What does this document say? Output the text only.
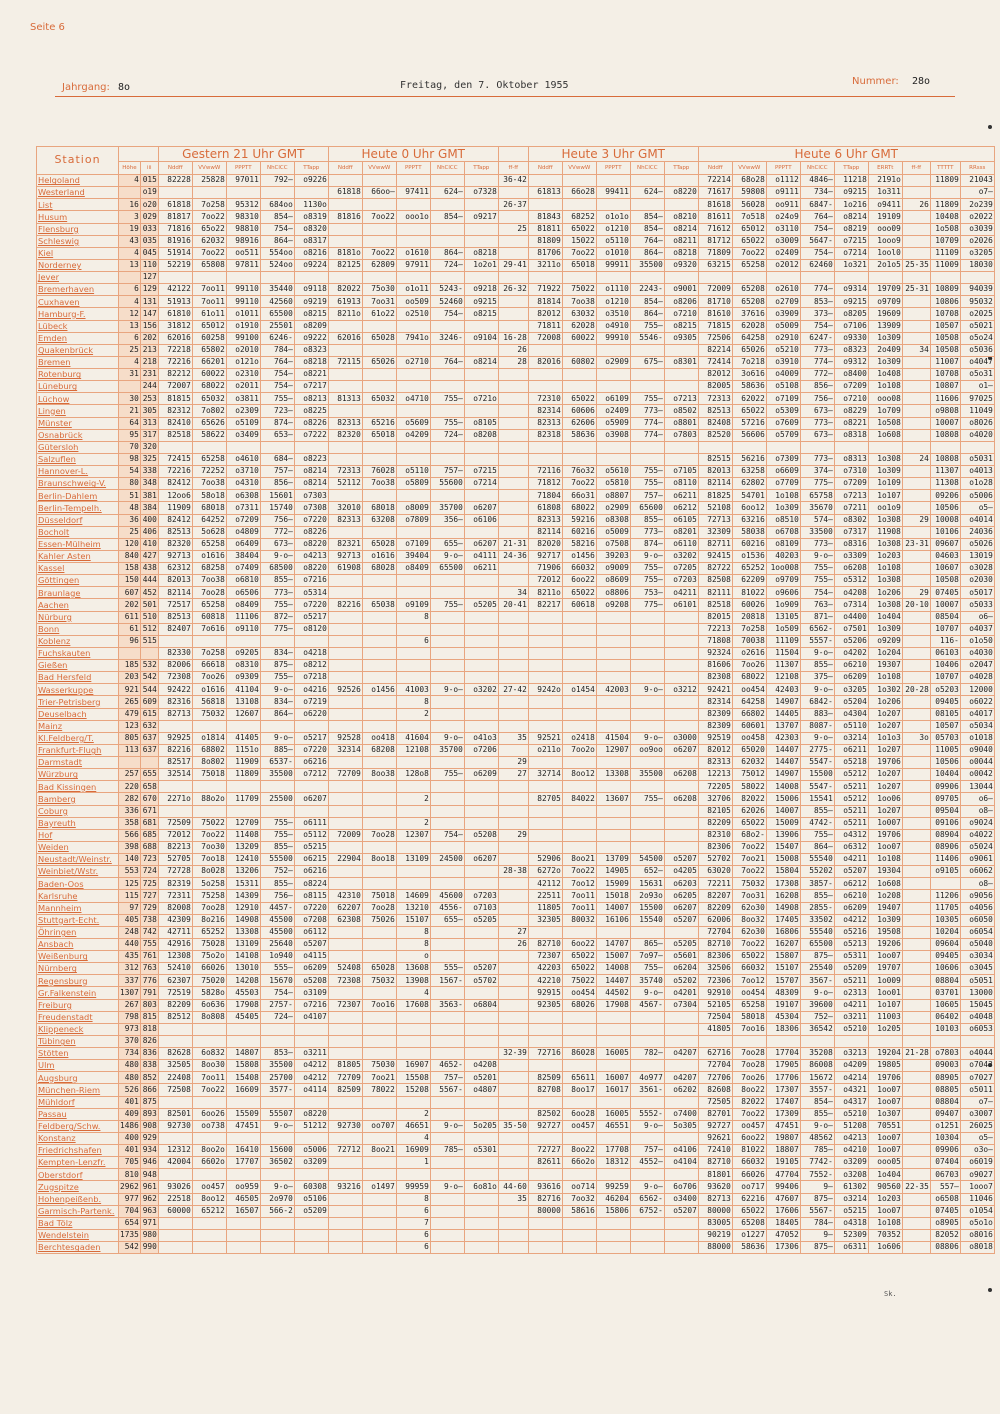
Seite 6
Jahrgang: 8o	Freitag, den 7. Oktober 1955	Nummer: 28o
Station			Gestern 21 Uhr GMT					Heute 0 Uhr GMT						Heute 3 Uhr GMT					Heute 6 Uhr GMT								
	Höhe	iii	Nddff	VVwwW	PPPTT	NhClCC	TTapp	Nddff	VVwwW	PPPTT	NhClCC	TTapp	ff-ff	Nddff	VVwwW	PPPTT	NhClCC	TTapp	Nddff	VVwwW	PPPTT	NhClCC	TTapp	ERRTt	ff-ff	TTTTT	RRsss
Helgoland	4	015	82228	25828	97011	792—	o9226						36-42						72214	68o28	o1112	4846—	11218	2191o		11809	21043
Westerland		o19						61818	66oo—	97411	624—	o7328		61813	66o28	99411	624—	o8220	71617	59808	o9111	734—	o9215	1o311			o7—
List	16	o20	61818	7o258	95312	684oo	1130o						26-37						81618	56028	oo911	6847-	1o216	o9411	26	11809	2o239
Husum	3	029	81817	7oo22	98310	854—	o8319	81816	7oo22	ooo1o	854—	o9217		81843	68252	o1o1o	854—	o8210	81611	7o518	o24o9	764—	o8214	19109		10408	o2022
Flensburg	19	033	71816	65o22	98810	754—	o8320						25	81811	65022	o1210	854—	o8214	71612	65012	o3110	754—	o8219	ooo09		1o508	o3039
Schleswig	43	035	81916	62032	98916	864—	o8317							81809	15022	o5110	764—	o8211	81712	65022	o3009	5647-	o7215	1ooo9		10709	o2026
Kiel	4	045	51914	7oo22	oo511	554oo	o8216	8181o	7oo22	o1610	864—	o8218		81706	7oo22	o1010	864—	o8218	71809	7oo22	o2409	754—	o7214	1ool0		11109	o3205
Norderney	13	110	52219	65808	97811	524oo	o9224	82125	62809	97911	724—	1o2o1	29-41	3211o	65018	99911	35500	o9320	63215	65258	o2012	62460	1o321	2o1o5	25-35	11009	18030
Jever		127																									
Bremerhaven	6	129	42122	7oo11	99110	35440	o9118	82022	75o30	o1o11	5243-	o9218	26-32	71922	75022	o1110	2243-	o9001	72009	65208	o2610	774—	o9314	19709	25-31	10809	94039
Cuxhaven	4	131	51913	7oo11	99110	42560	o9219	61913	7oo31	oo509	52460	o9215		81814	7oo38	o1210	854—	o8206	81710	65208	o2709	853—	o9215	o9709		10806	95032
Hamburg-F.	12	147	61810	61o11	o1011	65500	o8215	8211o	61o22	o2510	754—	o8215		82012	63032	o3510	864—	o7210	81610	37616	o3909	373—	o8205	19609		10708	o2025
Lübeck	13	156	31812	65012	o1910	25501	o8209							71811	62028	o4910	755—	o8215	71815	62028	o5009	754—	o7106	13909		10507	o5021
Emden	6	202	62016	60258	99100	6246-	o9222	62016	65028	7941o	3246-	o9104	16-28	72008	60022	99910	5546-	o9305	72506	64258	o2910	6247-	o9330	1o309		10508	o5o24
Quakenbrück	25	213	72218	65802	o2010	784—	o8323						26						82214	65026	o5210	773—	o8323	2o409	34	10508	o5036
Bremen	4	218	72216	66201	o121o	764—	o8218	72115	65026	o2710	764—	o8214	28	82016	60802	o2909	675—	o8301	72414	7o218	o3910	774—	o9312	1o309		11007	o4047
Rotenburg	31	231	82212	60022	o2310	754—	o8221												82012	3o616	o4009	772—	o8400	1o408		10708	o5o31
Lüneburg		244	72007	68022	o2011	754—	o7217												82005	58636	o5108	856—	o7209	1o108		10807	o1—
Lüchow	30	253	81815	65032	o3811	755—	o8213	81313	65032	o4710	755—	o721o		72310	65022	o6109	755—	o7213	72313	62022	o7109	756—	o7210	ooo08		11606	97025
Lingen	21	305	82312	7o802	o2309	723—	o8225							82314	60606	o2409	773—	o8502	82513	65022	o5309	673—	o8229	1o709		o9808	11049
Münster	64	313	82410	65626	o5109	874—	o8226	82313	65216	o5609	755—	o8105		82313	62606	o5909	774—	o8801	82408	57216	o7609	773—	o8221	1o508		10007	o8026
Osnabrück	95	317	82518	58622	o3409	653—	o7222	82320	65018	o4209	724—	o8208		82318	58636	o3908	774—	o7803	82520	56606	o5709	673—	o8318	1o608		10808	o4020
Gütersloh	70	320																									
Salzuflen	98	325	72415	65258	o4610	684—	o8223												82515	56216	o7309	773—	o8313	1o308	24	10808	o5031
Hannover-L.	54	338	72216	72252	o3710	757—	o8214	72313	76028	o5110	757—	o7215		72116	76o32	o5610	755—	o7105	82013	63258	o6609	374—	o7310	1o309		11307	o4013
Braunschweig-V.	80	348	82412	7oo38	o4310	856—	o8214	52112	7oo38	o5809	55600	o7214		71812	7oo22	o5810	755—	o8110	82114	62802	o7709	775—	o7209	1o109		11308	o1o28
Berlin-Dahlem	51	381	12oo6	58o18	o6308	15601	o7303							71804	66o31	o8807	757—	o6211	81825	54701	1o108	65758	o7213	1o107		09206	o5006
Berlin-Tempelh.	48	384	11909	68018	o7311	15740	o7308	32010	68018	o8009	35700	o6207		61808	68022	o2909	65600	o6212	52108	6oo12	1o309	35670	o7211	oo1o9		10506	o5—
Düsseldorf	36	400	82412	64252	o7209	756—	o7220	82313	63208	o7809	356—	o6106		82313	59216	o8308	855—	o6105	72713	63216	o8510	574—	o8302	1o308	29	10008	o4014
Bocholt	25	406	82513	5o628	o4809	772—	o8226							82114	60216	o5009	773—	o8201	32309	58038	o6708	33500	o7317	11908		10106	24036
Essen-Mülheim	120	410	82320	65258	o6409	673—	o8220	82321	65028	o7109	655—	o6207	21-31	82020	58216	o7508	874—	o6110	82711	60216	o8109	773—	o8316	1o308	23-31	09607	o5026
Kahler Asten	840	427	92713	o1616	38404	9-o—	o4213	92713	o1616	39404	9-o—	o4111	24-36	92717	o1456	39203	9-o—	o3202	92415	o1536	40203	9-o—	o3309	1o203		04603	13019
Kassel	158	438	62312	68258	o7409	68500	o8220	61908	68028	o8409	65500	o6211		71906	66032	o9009	755—	o7205	82722	65252	1oo008	755—	o6208	1o108		10607	o3028
Göttingen	150	444	82013	7oo38	o6810	855—	o7216							72012	6oo22	o8609	755—	o7203	82508	62209	o9709	755—	o5312	1o308		10508	o2030
Braunlage	607	452	82114	7oo28	o6506	773—	o5314						34	8211o	65022	o8806	753—	o4211	82111	81022	o9606	754—	o4208	1o206	29	07405	o5017
Aachen	202	501	72517	65258	o8409	755—	o7220	82216	65038	o9109	755—	o5205	20-41	82217	60618	o9208	775—	o6101	82518	60026	1o909	763—	o7314	1o308	20-10	10007	o5033
Nürburg	611	510	82513	60818	11106	872—	o5217			8									82015	20818	13105	871—	o4400	1o404		08504	o6—
Bonn	61	512	82407	7o616	o9110	775—	o8120												72213	7o258	1o509	6562-	o7501	1o309		10707	o4037
Koblenz	96	515								6									71808	70038	11109	5557-	o5206	o9209		116-	o1o50
Fuchskauten			82330	7o258	o9205	834—	o4218												92324	o2616	11504	9-o—	o4202	1o204		06103	o4030
Gießen	185	532	82006	66618	o8310	875—	o8212												81606	7oo26	11307	855—	o6210	19307		10406	o2047
Bad Hersfeld	203	542	72308	7oo26	o9309	755—	o7218												82308	68022	12108	375—	o6209	1o108		10707	o4028
Wasserkuppe	921	544	92422	o1616	41104	9-o—	o4216	92526	o1456	41003	9-o—	o3202	27-42	9242o	o1454	42003	9-o—	o3212	92421	oo454	42403	9-o—	o3205	1o302	20-28	o5203	12000
Trier-Petrisberg	265	609	82316	56818	13108	834—	o7219			8									82314	64258	14907	6842-	o5204	1o206		09405	o6022
Deuselbach	479	615	82713	75032	12607	864—	o6220			2									82309	66802	14405	883—	o4304	1o207		08105	o4017
Mainz	123	632																	82309	60601	13707	8087-	o5110	1o207		10507	o5034
Kl.Feldberg/T.	805	637	92925	o1814	41405	9-o—	o5217	92528	oo418	41604	9-o—	o41o3	35	92521	o2418	41504	9-o—	o3000	92519	oo458	42303	9-o—	o3214	1o1o3	3o	05703	o1018
Frankfurt-Flugh	113	637	82216	68802	1151o	885—	o7220	32314	68208	12108	35700	o7206		o211o	7oo2o	12907	oo9oo	o6207	82012	65020	14407	2775-	o6211	1o207		11005	o9040
Darmstadt			82517	8o802	11909	6537-	o6216						29						82313	62032	14407	5547-	o5218	19706		10506	o0044
Würzburg	257	655	32514	75018	11809	35500	o7212	72709	8oo38	128o8	755—	o6209	27	32714	8oo12	13308	35500	o6208	12213	75012	14907	15500	o5212	1o207		10404	o0042
Bad Kissingen	220	658																	72205	58022	14008	5547-	o5211	1o207		09906	13044
Bamberg	282	670	2271o	88o2o	11709	25500	o6207			2				82705	84022	13607	755—	o6208	32706	82022	15006	15541	o5212	1oo06		09705	o6—
Coburg	336	671																	82105	62026	14007	855—	o5211	1o207		09504	o8—
Bayreuth	358	681	72509	75022	12709	755—	o6111			2									82209	65022	15009	4742-	o5211	1o007		09106	o9024
Hof	566	685	72012	7oo22	11408	755—	o5112	72009	7oo28	12307	754—	o5208	29						82310	68o2-	13906	755—	o4312	19706		08904	o4022
Weiden	398	688	82213	7oo30	13209	855—	o5215												82306	7oo22	15407	864—	o6312	1oo07		08906	o5024
Neustadt/Weinstr.	140	723	52705	7oo18	12410	55500	o6215	22904	8oo18	13109	24500	o6207		52906	8oo21	13709	54500	o5207	52702	7oo21	15008	55540	o4211	1o108		11406	o9061
Weinbiet/Wstr.	553	724	72728	8o028	13206	752—	o6216						28-38	6272o	7oo22	14905	652—	o4205	63020	7oo22	15804	55202	o5207	19304		o9105	o6062
Baden-Oos	125	725	82319	5o258	15311	855—	o8224							42112	7oo12	15909	15631	o6203	72211	75032	17308	3857-	o6212	1o608			o8—
Karlsruhe	115	727	72311	75258	14309	756—	o8115	42310	75018	14609	45600	o7203		22511	7oo11	15018	2o93o	o6205	82207	7oo31	16208	855—	o6210	1o208		11206	o9056
Mannheim	97	729	82008	7oo28	12910	4457-	o7220	62207	7oo28	13210	4556-	o7103		11805	7oo11	14007	15500	o6207	82209	62o30	14908	2855-	o6209	19407		11705	o4056
Stuttgart-Echt.	405	738	42309	8o216	14908	45500	o7208	62308	75026	15107	655—	o5205		32305	80032	16106	15540	o5207	62006	8oo32	17405	33502	o4212	1o309		10305	o6050
Öhringen	248	742	42711	65252	13308	45500	o6112			8			27						72704	62o30	16806	55540	o5216	19508		10204	o6054
Ansbach	440	755	42916	75028	13109	25640	o5207			8			26	82710	6oo22	14707	865—	o5205	82710	7oo22	16207	65500	o5213	19206		09604	o5040
Weißenburg	435	761	12308	75o2o	14108	1o940	o4115			o				72307	65022	15007	7o97—	o5601	82306	65022	15807	875—	o5311	1oo07		09405	o3034
Nürnberg	312	763	52410	66026	13010	555—	o6209	52408	65028	13608	555—	o5207		42203	65022	14008	755—	o6204	32506	66032	15107	25540	o5209	19707		10606	o3045
Regensburg	337	776	62307	75020	14208	15670	o5208	72308	75032	13908	1567-	o5702		42210	75022	14407	35740	o5202	72306	7oo12	15707	3567-	o5211	1o009		08804	o5051
Gr.Falkenstein	1307	791	72519	5828o	45503	754—	o3109			4				92915	oo454	44502	9-o—	o4201	92910	oo454	48309	9-o—	o2313	1oo01		03701	13000
Freiburg	267	803	82209	6o636	17908	2757-	o7216	72307	7oo16	17608	3563-	o6804		92305	68026	17908	4567-	o7304	52105	65258	19107	39600	o4211	1o107		10605	15045
Freudenstadt	798	815	82512	8o808	45405	724—	o4107												72504	58018	45304	752—	o3211	11003		06402	o4048
Klippeneck	973	818																	41805	7oo16	18306	36542	o5210	1o205		10103	o6053
Tübingen	370	826																									
Stötten	734	836	82628	6o832	14807	853—	o3211						32-39	72716	86028	16005	782—	o4207	62716	7oo28	17704	35208	o3213	19204	21-28	o7803	o4044
Ulm	480	838	32505	8oo30	15808	35500	o4212	81805	75030	16907	4652-	o4208							72704	7oo28	17905	86008	o4209	19805		09003	o7043
Augsburg	480	852	22408	7oo11	15408	25700	o4212	72709	7oo21	15508	757—	o5201		82509	65611	16007	4o977	o4207	72706	7oo26	17706	15672	o4214	19706		08905	o7027
München-Riem	526	866	72508	7oo22	16609	3577-	o4114	82509	78022	15208	5567-	o4807		82708	8oo17	16017	3561-	o6202	82608	8oo22	17307	3557-	o4321	1oo07		08805	o5011
Mühldorf	401	875																	72505	82022	17407	854—	o4317	1oo07		08804	o7—
Passau	409	893	82501	6oo26	15509	55507	o8220			2				82502	6oo28	16005	5552-	o7400	82701	7oo22	17309	855—	o5210	1o307		09407	o3007
Feldberg/Schw.	1486	908	92730	oo738	47451	9-o—	51212	92730	oo707	46651	9-o—	5o205	35-50	92727	oo457	46551	9-o—	5o305	92727	oo457	47451	9-o—	51208	70551		o1251	26025
Konstanz	400	929								4									92621	6oo22	19807	48562	o4213	1oo07		10304	o5—
Friedrichshafen	401	934	12312	8oo2o	16410	15600	o5006	72712	8oo21	16909	785—	o5301		72727	8oo22	17708	757—	o4106	72410	81022	18807	785—	o4210	1oo07		09906	o3o—
Kempten-Lenzfr.	705	946	42004	6602o	17707	36502	o3209			1				82611	66o2o	18312	4552—	o4104	82710	66032	19105	7742-	o3209	ooo05		07404	o6019
Oberstdorf	810	948																	81801	66026	47704	7552-	o3208	1o404		06703	o9027
Zugspitze	2962	961	93026	oo457	oo959	9-o—	60308	93216	o1497	99959	9-o—	6o81o	44-60	93616	oo714	99259	9-o—	6o706	93620	oo717	99406	9—	61302	90560	22-35	557—	1ooo7
Hohenpeißenb.	977	962	22518	8oo12	46505	2o970	o5106			8			35	82716	7oo32	46204	6562-	o3400	82713	62216	47607	875—	o3214	1o203		o6508	11046
Garmisch-Partenk.	704	963	60000	65212	16507	566-2	o5209			6				80000	58616	15806	6752-	o5207	80000	65022	17606	5567-	o5215	1oo07		07405	o1054
Bad Tölz	654	971								7									83005	65208	18405	784—	o4318	1o108		o8905	o5o1o
Wendelstein	1735	980								6									90219	o1227	47052	9—	52309	70352		82052	o8016
Berchtesgaden	542	990								6									88000	58636	17306	875—	o6311	1o606		08806	o8018
Sk.
